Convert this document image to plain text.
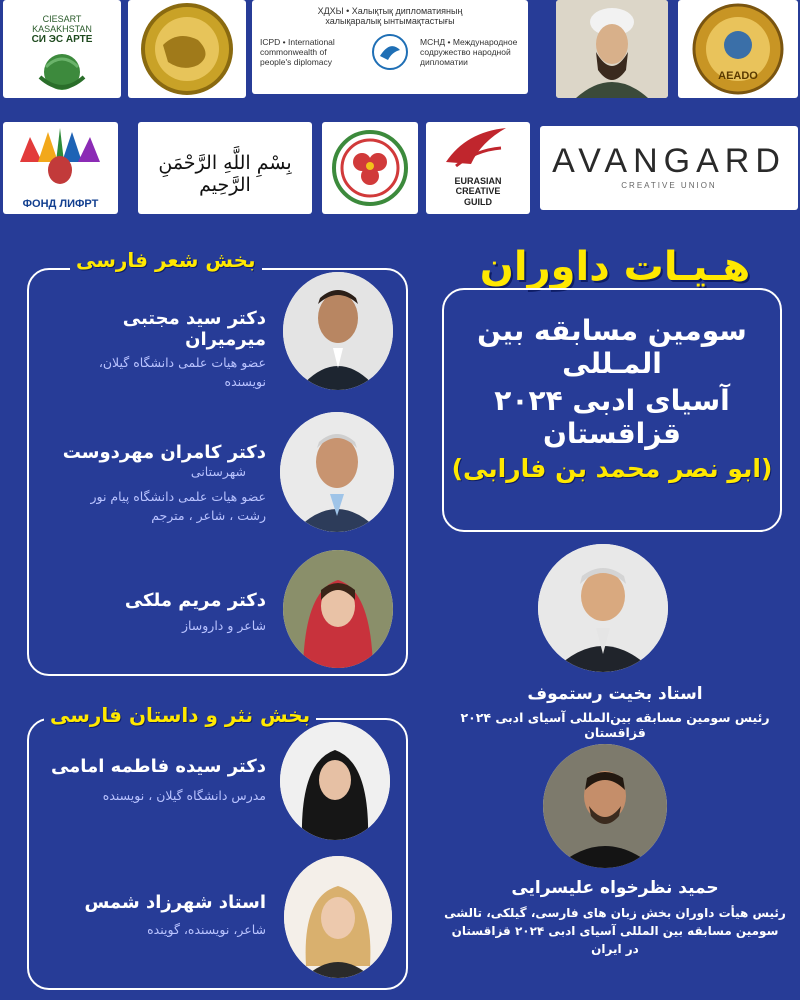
CIESART
KASAKHSTAN
СИ ЭС АРТЕ
ХДХЫ • Халықтық дипломатияның
халықаралық ынтымақтастығы
ICPD • International commonwealth of people's diplomacy
МСНД • Международное содружество народной дипломатии
AEADO
ФОНД ЛИФРТ
بِسْمِ اللَّهِ الرَّحْمَنِ الرَّحِيم	EURASIAN CREATIVE GUILD
AVANGARD
CREATIVE UNION
بخش شعر فارسی
دکتر سید مجتبی میرمیران
عضو هیات علمی دانشگاه گیلان،
نویسنده
دکتر کامران مهردوست
شهرستانی
عضو هیات علمی دانشگاه پیام نور
رشت ، شاعر ، مترجم
دکتر مریم ملکی
شاعر و داروساز
بخش نثر و داستان فارسی
دکتر سیده فاطمه امامی
مدرس دانشگاه گیلان ، نویسنده
استاد شهرزاد شمس
شاعر، نویسنده، گوینده
هـیـات داوران
سومین مسابقه بین المـللی
آسیای ادبی ۲۰۲۴ قزاقستان
(ابو نصر محمد بن فارابی)
استاد بخیت رستموف
رئیس سومین مسابقه بین‌المللی آسیای ادبی ۲۰۲۴ قزاقستان
حمید نظرخواه علیسرایی
رئیس هیأت داوران بخش زبان های فارسی، گیلکی، تالشی
سومین مسابقه بین المللی آسیای ادبی ۲۰۲۴ قزاقستان
در ایران
